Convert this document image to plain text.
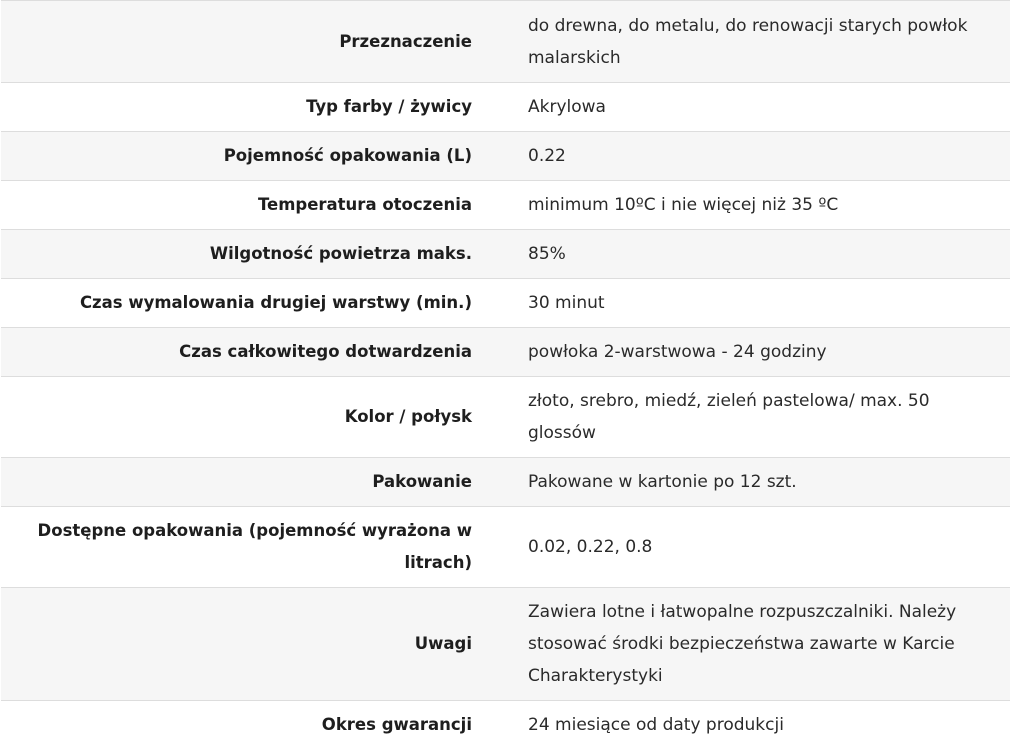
Przeznaczenie	do drewna, do metalu, do renowacji starych powłok malarskich
Typ farby / żywicy	Akrylowa
Pojemność opakowania (L)	0.22
Temperatura otoczenia	minimum 10ºC i nie więcej niż 35 ºC
Wilgotność powietrza maks.	85%
Czas wymalowania drugiej warstwy (min.)	30 minut
Czas całkowitego dotwardzenia	powłoka 2-warstwowa - 24 godziny
Kolor / połysk	złoto, srebro, miedź, zieleń pastelowa/ max. 50 glossów
Pakowanie	Pakowane w kartonie po 12 szt.
Dostępne opakowania (pojemność wyrażona w litrach)	0.02, 0.22, 0.8
Uwagi	Zawiera lotne i łatwopalne rozpuszczalniki. Należy stosować środki bezpieczeństwa zawarte w Karcie Charakterystyki
Okres gwarancji	24 miesiące od daty produkcji
